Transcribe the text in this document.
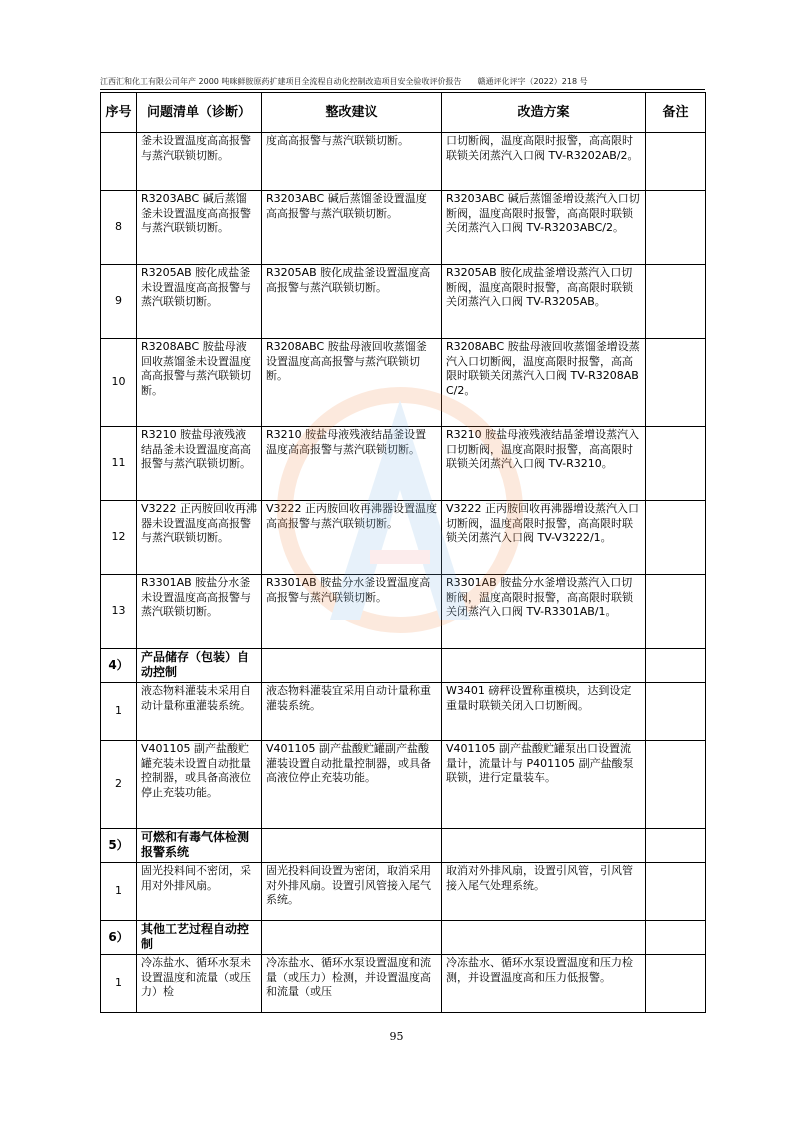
江西汇和化工有限公司年产 2000 吨咪鲜胺原药扩建项目全流程自动化控制改造项目安全验收评价报告　　赣通评化评字（2022）218 号
序号	问题清单（诊断）	整改建议	改造方案	备注
	釜未设置温度高高报警与蒸汽联锁切断。	度高高报警与蒸汽联锁切断。	口切断阀，温度高限时报警，高高限时联锁关闭蒸汽入口阀 TV-R3202AB/2。	
8	R3203ABC 碱后蒸馏釜未设置温度高高报警与蒸汽联锁切断。	R3203ABC 碱后蒸馏釜设置温度高高报警与蒸汽联锁切断。	R3203ABC 碱后蒸馏釜增设蒸汽入口切断阀，温度高限时报警，高高限时联锁关闭蒸汽入口阀 TV-R3203ABC/2。	
9	R3205AB 胺化成盐釜未设置温度高高报警与蒸汽联锁切断。	R3205AB 胺化成盐釜设置温度高高报警与蒸汽联锁切断。	R3205AB 胺化成盐釜增设蒸汽入口切断阀，温度高限时报警，高高限时联锁关闭蒸汽入口阀 TV-R3205AB。	
10	R3208ABC 胺盐母液回收蒸馏釜未设置温度高高报警与蒸汽联锁切断。	R3208ABC 胺盐母液回收蒸馏釜设置温度高高报警与蒸汽联锁切断。	R3208ABC 胺盐母液回收蒸馏釜增设蒸汽入口切断阀，温度高限时报警，高高限时联锁关闭蒸汽入口阀 TV-R3208ABC/2。	
11	R3210 胺盐母液残液结晶釜未设置温度高高报警与蒸汽联锁切断。	R3210 胺盐母液残液结晶釜设置温度高高报警与蒸汽联锁切断。	R3210 胺盐母液残液结晶釜增设蒸汽入口切断阀，温度高限时报警，高高限时联锁关闭蒸汽入口阀 TV-R3210。	
12	V3222 正丙胺回收再沸器未设置温度高高报警与蒸汽联锁切断。	V3222 正丙胺回收再沸器设置温度高高报警与蒸汽联锁切断。	V3222 正丙胺回收再沸器增设蒸汽入口切断阀，温度高限时报警，高高限时联锁关闭蒸汽入口阀 TV-V3222/1。	
13	R3301AB 胺盐分水釜未设置温度高高报警与蒸汽联锁切断。	R3301AB 胺盐分水釜设置温度高高报警与蒸汽联锁切断。	R3301AB 胺盐分水釜增设蒸汽入口切断阀，温度高限时报警，高高限时联锁关闭蒸汽入口阀 TV-R3301AB/1。	
4）	产品储存（包装）自动控制			
1	液态物料灌装未采用自动计量称重灌装系统。	液态物料灌装宜采用自动计量称重灌装系统。	W3401 磅秤设置称重模块，达到设定重量时联锁关闭入口切断阀。	
2	V401105 副产盐酸贮罐充装未设置自动批量控制器，或具备高液位停止充装功能。	V401105 副产盐酸贮罐副产盐酸灌装设置自动批量控制器，或具备高液位停止充装功能。	V401105 副产盐酸贮罐泵出口设置流量计，流量计与 P401105 副产盐酸泵联锁，进行定量装车。	
5）	可燃和有毒气体检测报警系统			
1	固光投料间不密闭，采用对外排风扇。	固光投料间设置为密闭，取消采用对外排风扇。设置引风管接入尾气系统。	取消对外排风扇，设置引风管，引风管接入尾气处理系统。	
6）	其他工艺过程自动控制			
1	冷冻盐水、循环水泵未设置温度和流量（或压力）检	冷冻盐水、循环水泵设置温度和流量（或压力）检测，并设置温度高和流量（或压	冷冻盐水、循环水泵设置温度和压力检测，并设置温度高和压力低报警。	
95
